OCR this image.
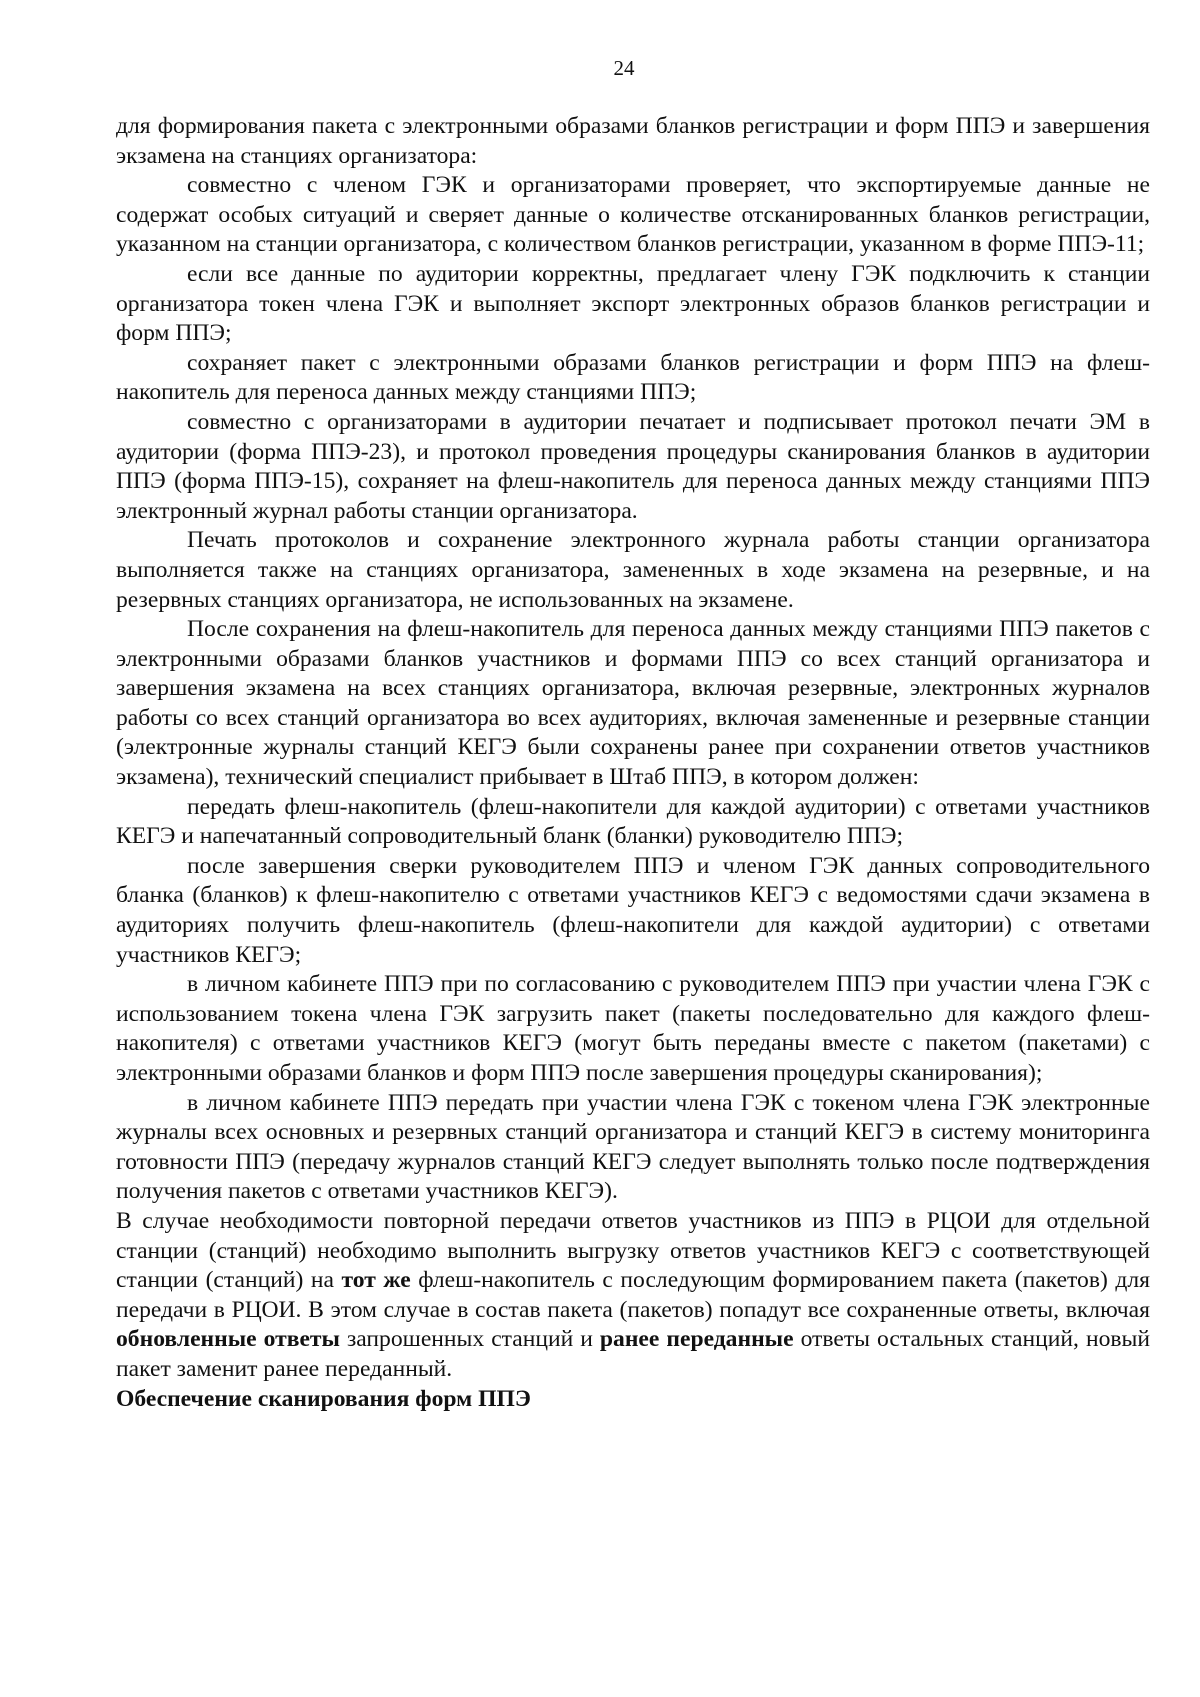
24

для формирования пакета с электронными образами бланков регистрации и форм ППЭ и завершения экзамена на станциях организатора:

совместно с членом ГЭК и организаторами проверяет, что экспортируемые данные не содержат особых ситуаций и сверяет данные о количестве отсканированных бланков регистрации, указанном на станции организатора, с количеством бланков регистрации, указанном в форме ППЭ-11;

если все данные по аудитории корректны, предлагает члену ГЭК подключить к станции организатора токен члена ГЭК и выполняет экспорт электронных образов бланков регистрации и форм ППЭ;

сохраняет пакет с электронными образами бланков регистрации и форм ППЭ на флеш-накопитель для переноса данных между станциями ППЭ;

совместно с организаторами в аудитории печатает и подписывает протокол печати ЭМ в аудитории (форма ППЭ-23), и протокол проведения процедуры сканирования бланков в аудитории ППЭ (форма ППЭ-15), сохраняет на флеш-накопитель для переноса данных между станциями ППЭ электронный журнал работы станции организатора.

Печать протоколов и сохранение электронного журнала работы станции организатора выполняется также на станциях организатора, замененных в ходе экзамена на резервные, и на резервных станциях организатора, не использованных на экзамене.

После сохранения на флеш-накопитель для переноса данных между станциями ППЭ пакетов с электронными образами бланков участников и формами ППЭ со всех станций организатора и завершения экзамена на всех станциях организатора, включая резервные, электронных журналов работы со всех станций организатора во всех аудиториях, включая замененные и резервные станции (электронные журналы станций КЕГЭ были сохранены ранее при сохранении ответов участников экзамена), технический специалист прибывает в Штаб ППЭ, в котором должен:

передать флеш-накопитель (флеш-накопители для каждой аудитории) с ответами участников КЕГЭ и напечатанный сопроводительный бланк (бланки) руководителю ППЭ;

после завершения сверки руководителем ППЭ и членом ГЭК данных сопроводительного бланка (бланков) к флеш-накопителю с ответами участников КЕГЭ с ведомостями сдачи экзамена в аудиториях получить флеш-накопитель (флеш-накопители для каждой аудитории) с ответами участников КЕГЭ;

в личном кабинете ППЭ при по согласованию с руководителем ППЭ при участии члена ГЭК с использованием токена члена ГЭК загрузить пакет (пакеты последовательно для каждого флеш-накопителя) с ответами участников КЕГЭ (могут быть переданы вместе с пакетом (пакетами) с электронными образами бланков и форм ППЭ после завершения процедуры сканирования);

в личном кабинете ППЭ передать при участии члена ГЭК с токеном члена ГЭК электронные журналы всех основных и резервных станций организатора и станций КЕГЭ в систему мониторинга готовности ППЭ (передачу журналов станций КЕГЭ следует выполнять только после подтверждения получения пакетов с ответами участников КЕГЭ).

В случае необходимости повторной передачи ответов участников из ППЭ в РЦОИ для отдельной станции (станций) необходимо выполнить выгрузку ответов участников КЕГЭ с соответствующей станции (станций) на тот же флеш-накопитель с последующим формированием пакета (пакетов) для передачи в РЦОИ. В этом случае в состав пакета (пакетов) попадут все сохраненные ответы, включая обновленные ответы запрошенных станций и ранее переданные ответы остальных станций, новый пакет заменит ранее переданный.

Обеспечение сканирования форм ППЭ
